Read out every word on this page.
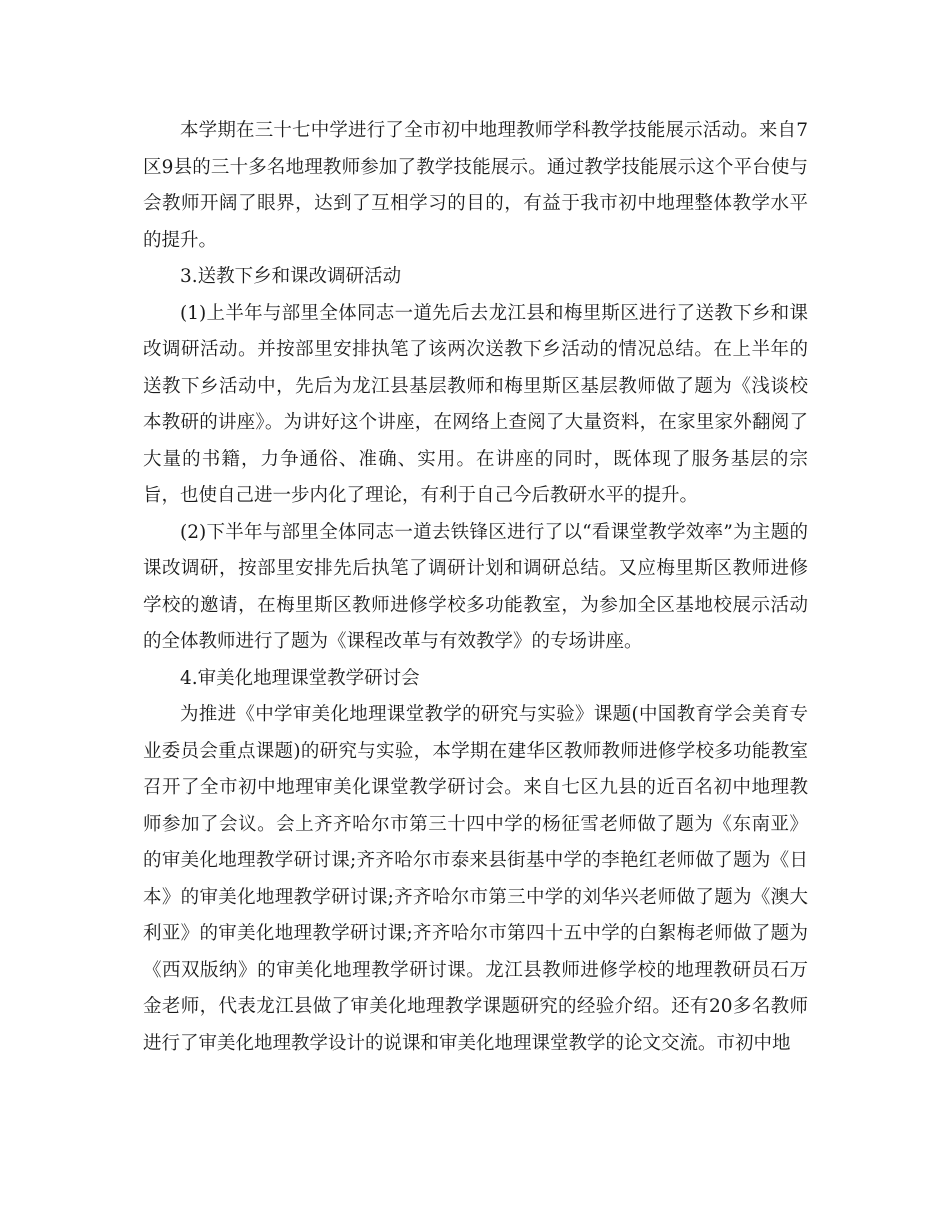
本学期在三十七中学进行了全市初中地理教师学科教学技能展示活动。来自7区9县的三十多名地理教师参加了教学技能展示。通过教学技能展示这个平台使与会教师开阔了眼界，达到了互相学习的目的，有益于我市初中地理整体教学水平的提升。

3.送教下乡和课改调研活动

(1)上半年与部里全体同志一道先后去龙江县和梅里斯区进行了送教下乡和课改调研活动。并按部里安排执笔了该两次送教下乡活动的情况总结。在上半年的送教下乡活动中，先后为龙江县基层教师和梅里斯区基层教师做了题为《浅谈校本教研的讲座》。为讲好这个讲座，在网络上查阅了大量资料，在家里家外翻阅了大量的书籍，力争通俗、准确、实用。在讲座的同时，既体现了服务基层的宗旨，也使自己进一步内化了理论，有利于自己今后教研水平的提升。

(2)下半年与部里全体同志一道去铁锋区进行了以“看课堂教学效率”为主题的课改调研，按部里安排先后执笔了调研计划和调研总结。又应梅里斯区教师进修学校的邀请，在梅里斯区教师进修学校多功能教室，为参加全区基地校展示活动的全体教师进行了题为《课程改革与有效教学》的专场讲座。

4.审美化地理课堂教学研讨会

为推进《中学审美化地理课堂教学的研究与实验》课题(中国教育学会美育专业委员会重点课题)的研究与实验，本学期在建华区教师教师进修学校多功能教室召开了全市初中地理审美化课堂教学研讨会。来自七区九县的近百名初中地理教师参加了会议。会上齐齐哈尔市第三十四中学的杨征雪老师做了题为《东南亚》的审美化地理教学研讨课;齐齐哈尔市泰来县街基中学的李艳红老师做了题为《日本》的审美化地理教学研讨课;齐齐哈尔市第三中学的刘华兴老师做了题为《澳大利亚》的审美化地理教学研讨课;齐齐哈尔市第四十五中学的白絮梅老师做了题为《西双版纳》的审美化地理教学研讨课。龙江县教师进修学校的地理教研员石万金老师，代表龙江县做了审美化地理教学课题研究的经验介绍。还有20多名教师进行了审美化地理教学设计的说课和审美化地理课堂教学的论文交流。市初中地
